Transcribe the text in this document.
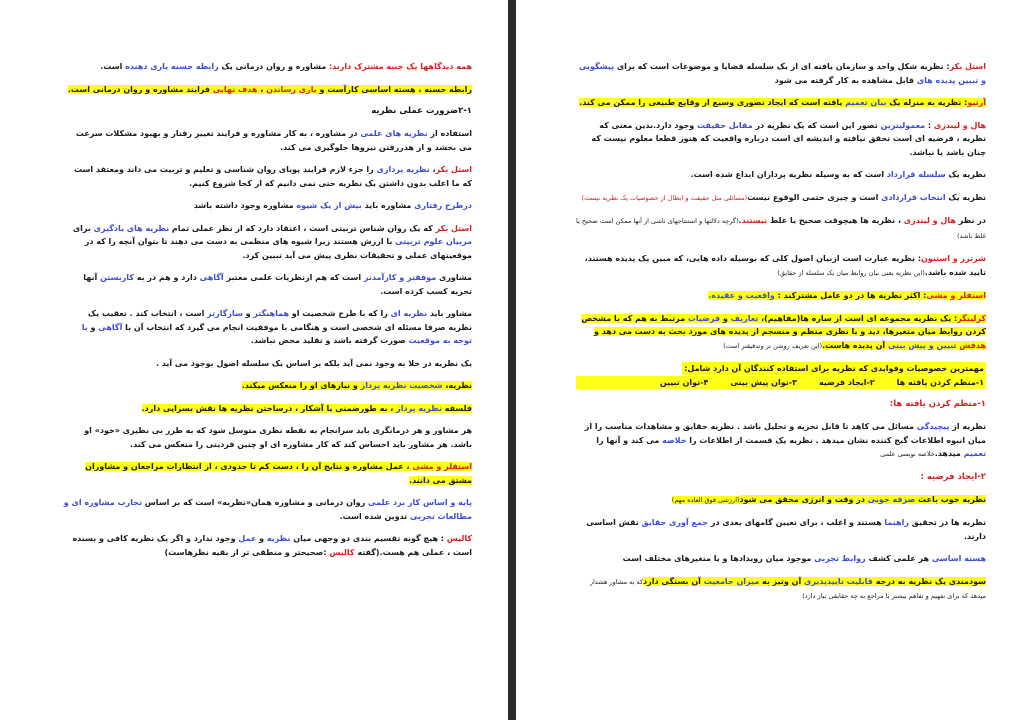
همه دیدگاهها یک جنبه مشترک دارند: مشاوره و روان درمانی یک رابطه حسنه یاری دهنده است.

رابطه حسنه ، هسته اساسی کارآست و یاری رساندن ، هدف نهایی فرایند مشاوره و روان درمانی است.

۲-۱ضرورت عملی نظریه

استفاده از نظریه های علمی در مشاوره ، به کار مشاوره و فرایند تغییر رفتار و بهبود مشکلات سرعت می بخشد و از هدررفتن نیروها جلوگیری می کند.

استل بکر، نظریه پردازی را جزء لازم فرایند پویای روان شناسی و تعلیم و تربیت می داند ومعتقد است که ما اغلب بدون داشتن یک نظریه حتی نمی دانیم که از کجا شروع کنیم.

درطرح رفتاری مشاوره باید بیش از یک شیوه مشاوره وجود داشته باشد

استل بکر که یک روان شناس تربیتی است ، اعتقاد دارد که از نظر عملی تمام نظریه های یادگیری برای مربیان علوم تربیتی با ارزش هستند زیرا شیوه های منظمی به دست می دهند تا بتوان آنچه را که در موقعیتهای عملی و تحقیقات نظری پیش می آید تبیین کرد.

مشاوری موفقتر و کارآمدتر است که هم ازنظریات علمی معتبر آگاهی دارد و هم در به کاربستن آنها تجربه کسب کرده است.

مشاور باید نظریه ای را که با طرح شخصیت او هماهنگتر و سازگارتر است ، انتخاب کند . تعقیب یک نظریه صرفا مسئله ای شخصی است و هنگامی با موفقیت انجام می گیرد که انتخاب آن با آگاهی و با توجه به موقعیت صورت گرفته باشد و تقلید محض نباشد.

یک نظریه در خلا به وجود نمی آید بلکه بر اساس یک سلسله اصول بوجود می آید .

نظریه، شخصیت نظریه پرداز و نیازهای او را منعکس میکند.

فلسفه نظریه پرداز ، به طورضمنی یا آشکار ، درساختن نظریه ها نقش بسزایی دارد.

هر مشاور و هر درمانگری باید سرانجام به نقطه نظری متوسل شود که به طرز بی نظیری «خود» او باشد. هر مشاور باید احساس کند که کار مشاوره ای او چنین فردیتی را منعکس می کند.

استفلر و مشی ، عمل مشاوره و نتایج آن را ، دست کم تا حدودی ، از انتظارات مراجعان و مشاوران مشتق می دانند.

پایه و اساس کار برد علمی روان درمانی و مشاوره همان«نظریه» است که بر اساس تجارب مشاوره ای و مطالعات تجربی تدوین شده است.

کالیس : هیچ گونه تقسیم بندی دو وجهی میان نظریه و عمل وجود ندارد و اگر یک نظریه کافی و بسنده است ، عملی هم هست.(گفته کالیس :صحیحتر و منطقی تر از بقیه نظرهاست)

استل بکر: نظریه شکل واحد و سازمان یافته ای از یک سلسله قضایا و موضوعات است که برای پیشگویی و تبیین پدیده های قابل مشاهده به کار گرفته می شود

آرتیو: نظریه به منزله یک بیان تعمیم یافته است که ایجاد تصوری وسیع از وقایع طبیعی را ممکن می کند.

هال و لیندزی : معمولیترین تصور این است که یک نظریه در مقابل حقیقت وجود دارد.بدین معنی که نظریه ، فرضیه ای است تحقق نیافته و اندیشه ای است درباره واقعیت که هنوز قطعا معلوم نیست که چنان باشد یا نباشد.

نظریه یک سلسله قرارداد است که به وسیله نظریه پردازان ابداع شده است.

نظریه یک انتخاب قراردادی است و چیزی حتمی الوقوع نیست(مسائلی مثل حقیقت و ابطال از خصوصیات یک نظریه نیست)

در نظر هال و لیندزی ، نظریه ها هیچوقت صحیح یا غلط نیستند.(گرچه دلالتها و استنتاجهای ناشی از آنها ممکن است صحیح یا غلط باشد)

شرتزر و استنون: نظریه عبارت است ازبیان اصول کلی که بوسیله داده هایی، که مبین یک پدیده هستند، تایید شده باشد.(این نظریه یعنی بیان روابط میان یک سلسله از حقایق)

استفلر و مشی: اکثر نظریه ها در دو عامل مشترکند : واقعیت و عقیده.

کرلینگر: یک نظریه مجموعه ای است از سازه ها(مفاهیم)، تعاریف و فرضیات مرتبط به هم که با مشخص کردن روابط میان متغیرها، دید و یا نظری منظم و منسجم از پدیده های مورد بحث به دست می دهد و هدفش تبیین و پیش بینی آن پدیده هاست.(این تعریف روشن تر وتدقیقتر است)

مهمترین خصوصیات وفوایدی که نظریه برای استفاده کنندگان آن دارد شامل:
۱-منظم کردن یافته ها۲-ایجاد فرضیه۳-توان پیش بینی۴-توان تبیین
۱-منظم کردن یافته ها:

نظریه از پیچیدگی مسائل می کاهد تا قابل تجزیه و تحلیل باشد . نظریه حقایق و مشاهدات مناسب را از میان انبوه اطلاعات گیج کننده نشان میدهد . نظریه یک قسمت از اطلاعات را خلاصه می کند و آنها را تعمیم میدهد.خلاصه نویسی علمی

۲-ایجاد فرضیه :

نظریه خوب باعث صرفه جویی در وقت و انرژی محقق می شود(ارزشی فوق العاده مهم)

نظریه ها در تحقیق راهنما هستند و اغلب ، برای تعیین گامهای بعدی در جمع آوری حقایق نقش اساسی دارند.

هسته اساسی هر علمی کشف روابط تجربی موجود میان رویدادها و یا متغیرهای مختلف است

سودمندی یک نظریه به درجه قابلیت تاییدپذیری آن وتیز به میزان جامعیت آن بستگی داردکه به مشاور هشدار میدهد که برای تفهیم و تفاهم بیشتر با مراجع به چه حقایقی نیاز دارد)
